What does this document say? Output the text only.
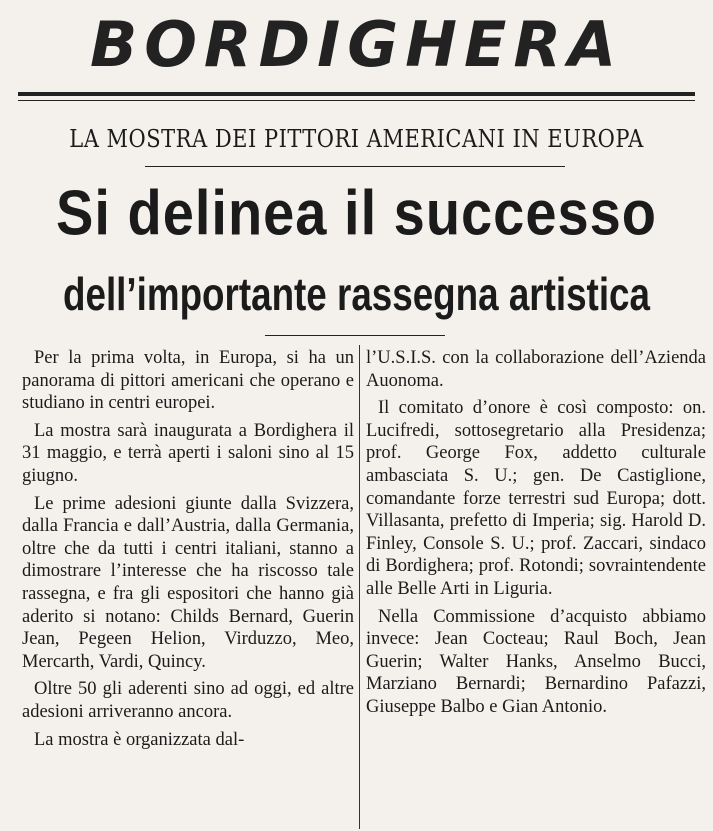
BORDIGHERA
LA MOSTRA DEI PITTORI AMERICANI IN EUROPA
Si delinea il successo
dell’importante rassegna artistica

Per la prima volta, in Europa, si ha un panorama di pittori americani che operano e studiano in centri europei.

La mostra sarà inaugurata a Bordighera il 31 maggio, e terrà aperti i saloni sino al 15 giugno.

Le prime adesioni giunte dalla Svizzera, dalla Francia e dall’Austria, dalla Germania, oltre che da tutti i centri italiani, stanno a dimostrare l’interesse che ha riscosso tale rassegna, e fra gli espositori che hanno già aderito si notano: Childs Bernard, Guerin Jean, Pegeen Helion, Virduzzo, Meo, Mercarth, Vardi, Quincy.

Oltre 50 gli aderenti sino ad oggi, ed altre adesioni arriveranno ancora.

La mostra è organizzata dal-

l’U.S.I.S. con la collaborazione dell’Azienda Auonoma.

Il comitato d’onore è così composto: on. Lucifredi, sottosegretario alla Presidenza; prof. George Fox, addetto culturale ambasciata S. U.; gen. De Castiglione, comandante forze terrestri sud Europa; dott. Villasanta, prefetto di Imperia; sig. Harold D. Finley, Console S. U.; prof. Zaccari, sindaco di Bordighera; prof. Rotondi; sovraintendente alle Belle Arti in Liguria.

Nella Commissione d’acquisto abbiamo invece: Jean Cocteau; Raul Boch, Jean Guerin; Walter Hanks, Anselmo Bucci, Marziano Bernardi; Bernardino Pafazzi, Giuseppe Balbo e Gian Antonio.
